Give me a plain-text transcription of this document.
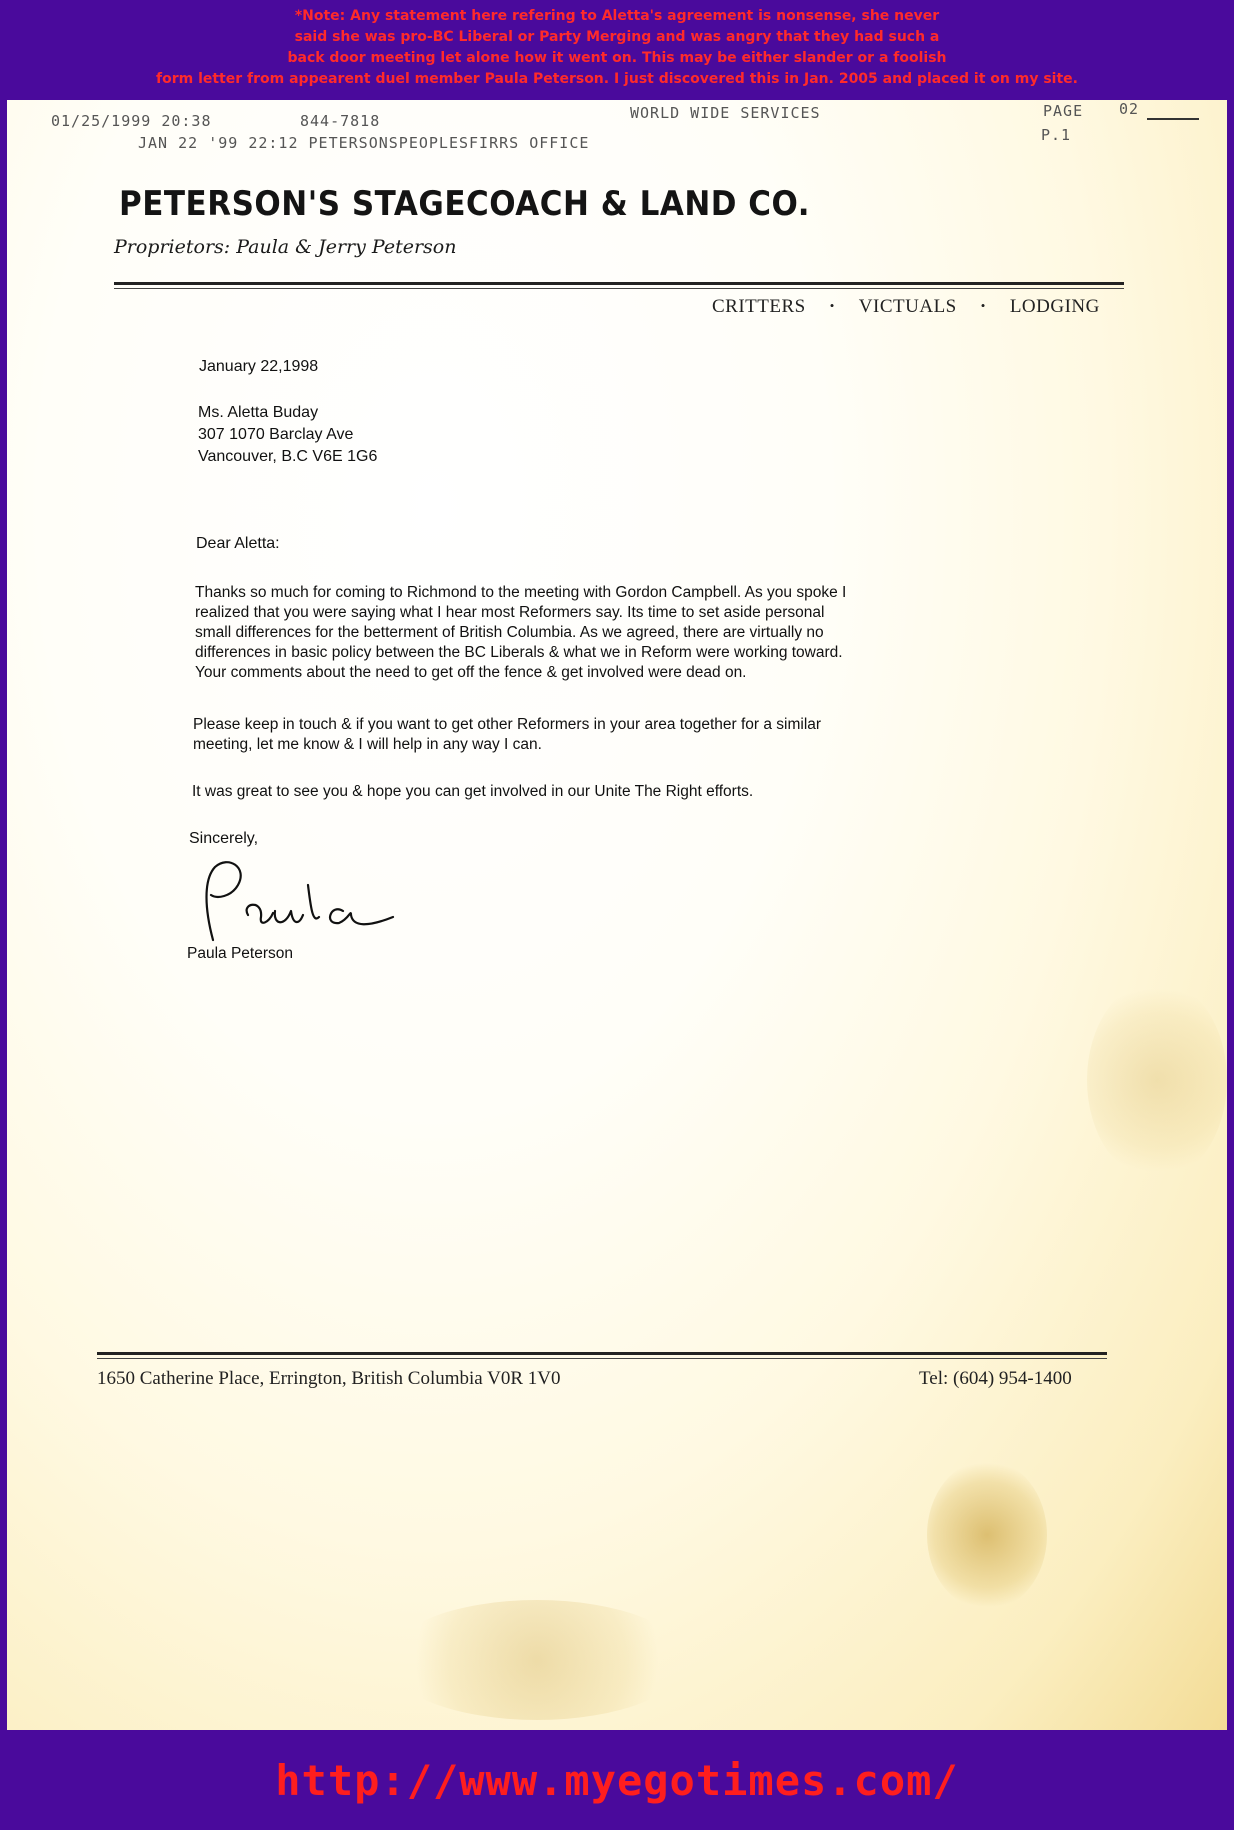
*Note: Any statement here refering to Aletta's agreement is nonsense, she never
said she was pro-BC Liberal or Party Merging and was angry that they had such a
back door meeting let alone how it went on. This may be either slander or a foolish
form letter from appearent duel member Paula Peterson. I just discovered this in Jan. 2005 and placed it on my site.
01/25/1999 20:38	844-7818	WORLD WIDE SERVICES	PAGE 02
JAN 22 '99 22:12 PETERSONSPEOPLESFIRRS OFFICE	P.1
PETERSON'S STAGECOACH & LAND CO.
Proprietors: Paula & Jerry Peterson
CRITTERS • VICTUALS • LODGING
January 22,1998
Ms. Aletta Buday
307 1070 Barclay Ave
Vancouver, B.C V6E 1G6
Dear Aletta:
Thanks so much for coming to Richmond to the meeting with Gordon Campbell. As you spoke I
realized that you were saying what I hear most Reformers say. Its time to set aside personal
small differences for the betterment of British Columbia. As we agreed, there are virtually no
differences in basic policy between the BC Liberals & what we in Reform were working toward.
Your comments about the need to get off the fence & get involved were dead on.
Please keep in touch & if you want to get other Reformers in your area together for a similar
meeting, let me know & I will help in any way I can.
It was great to see you & hope you can get involved in our Unite The Right efforts.
Sincerely,
Paula Peterson
1650 Catherine Place, Errington, British Columbia V0R 1V0	Tel: (604) 954-1400
http://www.myegotimes.com/
